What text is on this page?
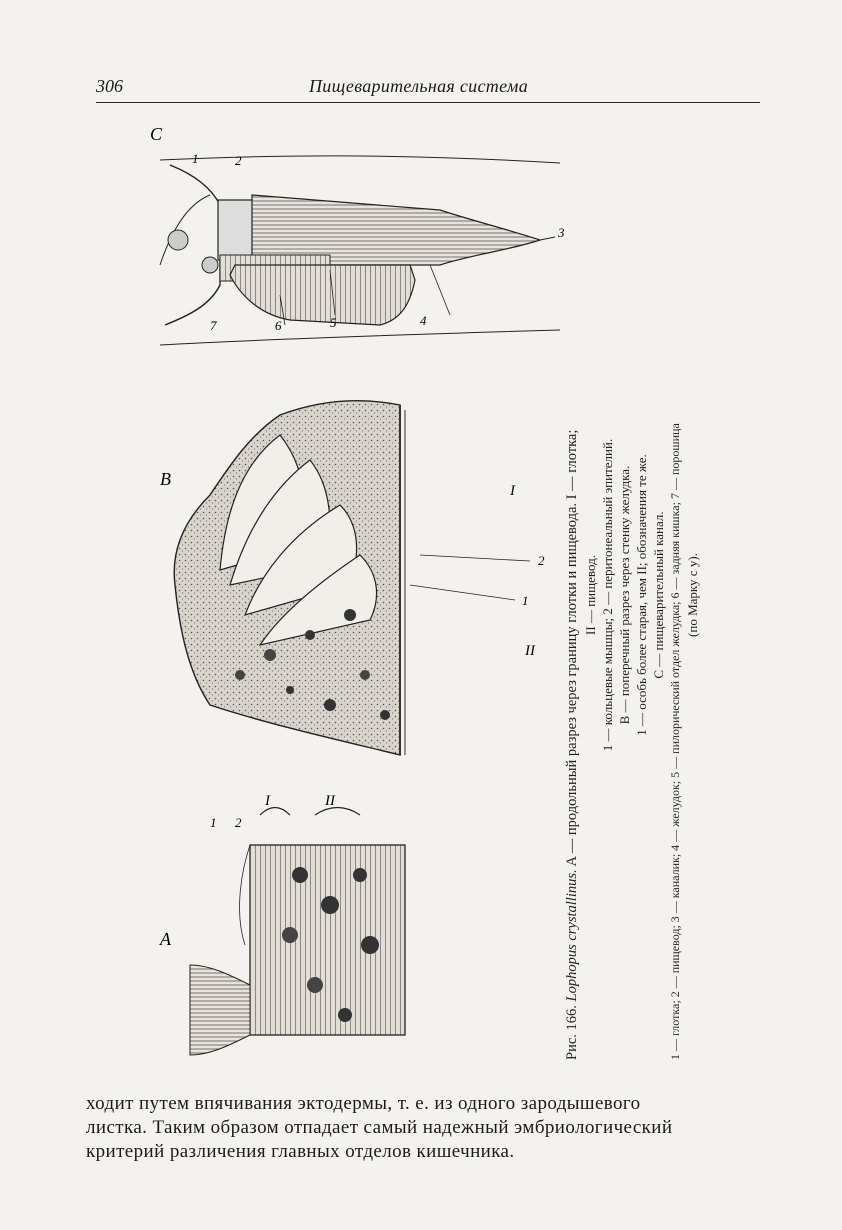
306	Пищеварительная система
C
1	2
3
4
5
6
7
B
I
II
2
1
A
I	II
1 2
Рис. 166. Lophopus crystallinus. A — продольный разрез через границу глотки и пищевода. I — глотка; II — пищевод. 1 — кольцевые мышцы; 2 — перитонеальный эпителий. B — поперечный разрез через стенку желудка. 1 — особь более старая, чем II; обозначения те же. C — пищеварительный канал. 1 — глотка; 2 — пищевод; 3 — каналик; 4 — желудок; 5 — пилорический отдел желудка; 6 — задняя кишка; 7 — порошица (по Марку с у).

ходит путем впячивания эктодермы, т. е. из одного зародышевого

листка. Таким образом отпадает самый надежный эмбриологический

критерий различения главных отделов кишечника.
